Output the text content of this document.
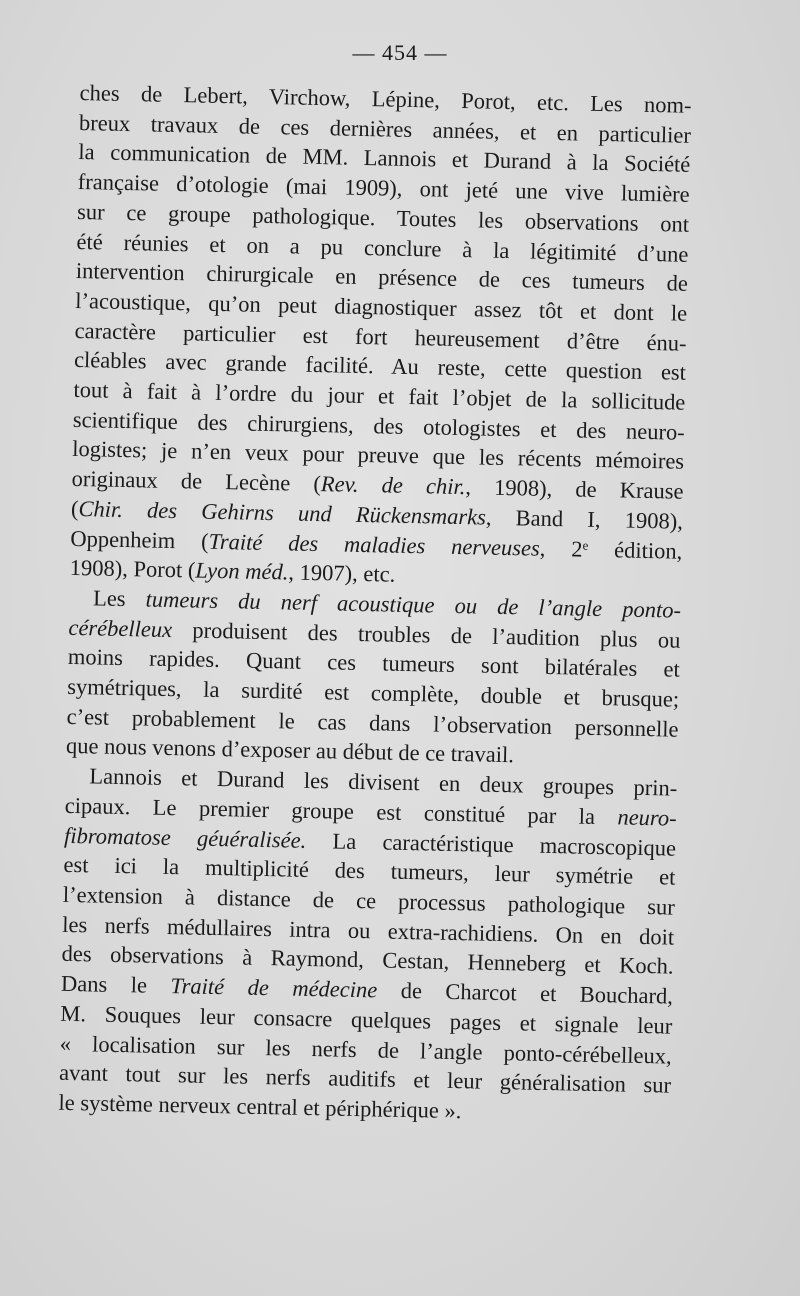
— 454 —

ches de Lebert, Virchow, Lépine, Porot, etc. Les nom-
breux travaux de ces dernières années, et en particulier
la communication de MM. Lannois et Durand à la Société
française d’otologie (mai 1909), ont jeté une vive lumière
sur ce groupe pathologique. Toutes les observations ont
été réunies et on a pu conclure à la légitimité d’une
intervention chirurgicale en présence de ces tumeurs de
l’acoustique, qu’on peut diagnostiquer assez tôt et dont le
caractère particulier est fort heureusement d’être énu-
cléables avec grande facilité. Au reste, cette question est
tout à fait à l’ordre du jour et fait l’objet de la sollicitude
scientifique des chirurgiens, des otologistes et des neuro-
logistes; je n’en veux pour preuve que les récents mémoires
originaux de Lecène (Rev. de chir., 1908), de Krause
(Chir. des Gehirns und Rückensmarks, Band I, 1908),
Oppenheim (Traité des maladies nerveuses, 2e édition,
1908), Porot (Lyon méd., 1907), etc.

Les tumeurs du nerf acoustique ou de l’angle ponto-
cérébelleux produisent des troubles de l’audition plus ou
moins rapides. Quant ces tumeurs sont bilatérales et
symétriques, la surdité est complète, double et brusque;
c’est probablement le cas dans l’observation personnelle
que nous venons d’exposer au début de ce travail.

Lannois et Durand les divisent en deux groupes prin-
cipaux. Le premier groupe est constitué par la neuro-
fibromatose géuéralisée. La caractéristique macroscopique
est ici la multiplicité des tumeurs, leur symétrie et
l’extension à distance de ce processus pathologique sur
les nerfs médullaires intra ou extra-rachidiens. On en doit
des observations à Raymond, Cestan, Henneberg et Koch.
Dans le Traité de médecine de Charcot et Bouchard,
M. Souques leur consacre quelques pages et signale leur
« localisation sur les nerfs de l’angle ponto-cérébelleux,
avant tout sur les nerfs auditifs et leur généralisation sur
le système nerveux central et périphérique ».
